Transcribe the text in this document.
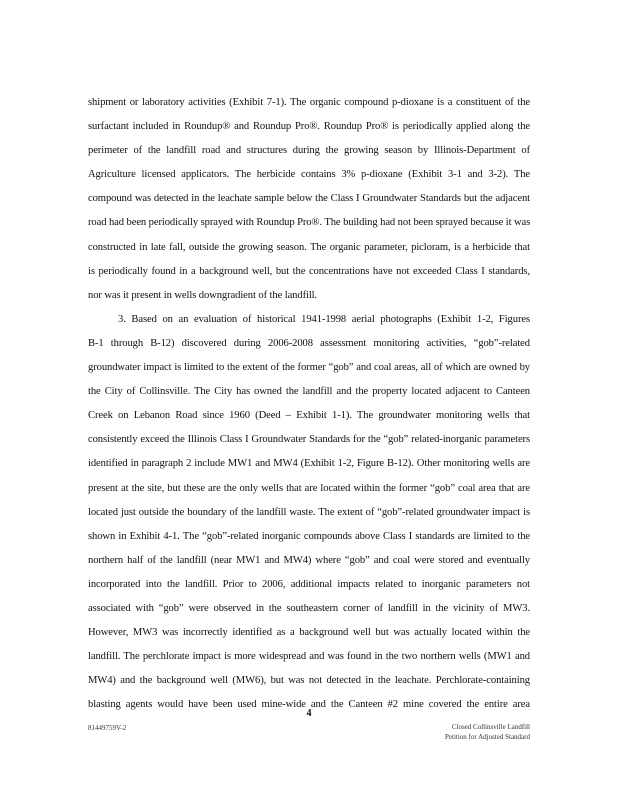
shipment or laboratory activities (Exhibit 7-1). The organic compound p-dioxane is a constituent of the
surfactant included in Roundup® and Roundup Pro®. Roundup Pro® is periodically applied along the
perimeter of the landfill road and structures during the growing season by Illinois-Department of
Agriculture licensed applicators. The herbicide contains 3% p-dioxane (Exhibit 3-1 and 3-2). The
compound was detected in the leachate sample below the Class I Groundwater Standards but the adjacent
road had been periodically sprayed with Roundup Pro®. The building had not been sprayed because it was
constructed in late fall, outside the growing season. The organic parameter, picloram, is a herbicide that
is periodically found in a background well, but the concentrations have not exceeded Class I standards,
nor was it present in wells downgradient of the landfill.
3. Based on an evaluation of historical 1941-1998 aerial photographs (Exhibit 1-2, Figures
B-1 through B-12) discovered during 2006-2008 assessment monitoring activities, “gob”-related
groundwater impact is limited to the extent of the former “gob” and coal areas, all of which are owned by
the City of Collinsville. The City has owned the landfill and the property located adjacent to Canteen
Creek on Lebanon Road since 1960 (Deed – Exhibit 1-1). The groundwater monitoring wells that
consistently exceed the Illinois Class I Groundwater Standards for the “gob” related-inorganic parameters
identified in paragraph 2 include MW1 and MW4 (Exhibit 1-2, Figure B-12). Other monitoring wells are
present at the site, but these are the only wells that are located within the former “gob” coal area that are
located just outside the boundary of the landfill waste. The extent of “gob”-related groundwater impact is
shown in Exhibit 4-1. The “gob”-related inorganic compounds above Class I standards are limited to the
northern half of the landfill (near MW1 and MW4) where “gob” and coal were stored and eventually
incorporated into the landfill. Prior to 2006, additional impacts related to inorganic parameters not
associated with “gob” were observed in the southeastern corner of landfill in the vicinity of MW3.
However, MW3 was incorrectly identified as a background well but was actually located within the
landfill. The perchlorate impact is more widespread and was found in the two northern wells (MW1 and
MW4) and the background well (MW6), but was not detected in the leachate. Perchlorate-containing
blasting agents would have been used mine-wide and the Canteen #2 mine covered the entire area
4
81449759V-2	Closed Collinsville Landfill
Petition for Adjusted Standard
